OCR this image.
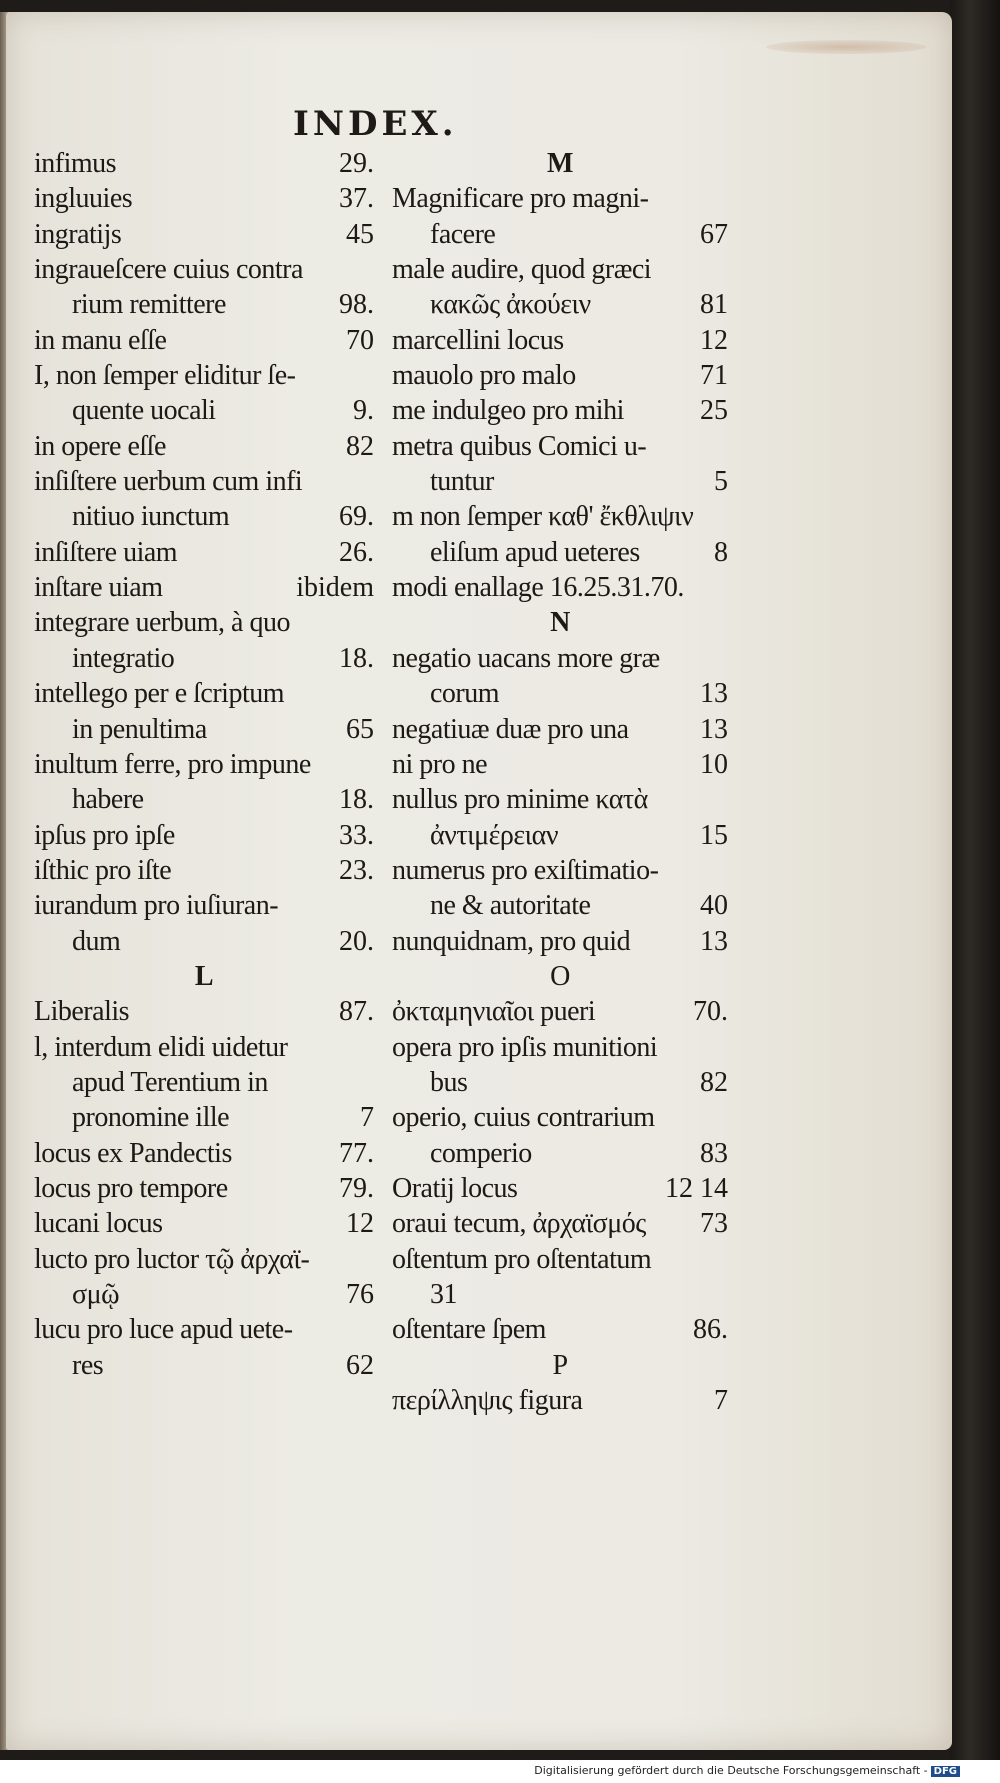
INDEX.
infimus	29.
ingluuies	37.
ingratijs	45
ingraueſcere cuius contra
rium remittere	98.
in manu eſſe	70
I, non ſemper eliditur ſe-
quente uocali	9.
in opere eſſe	82
inſiſtere uerbum cum infi
nitiuo iunctum	69.
inſiſtere uiam	26.
inſtare uiam	ibidem
integrare uerbum, à quo
integratio	18.
intellego per e ſcriptum
in penultima	65
inultum ferre, pro impune
habere	18.
ipſus pro ipſe	33.
iſthic pro iſte	23.
iurandum pro iuſiuran-
dum	20.
L
Liberalis	87.
l, interdum elidi uidetur
apud Terentium in
pronomine ille	7
locus ex Pandectis	77.
locus pro tempore	79.
lucani locus	12
lucto pro luctor τῷ ἀρχαϊ-
σμῷ	76
lucu pro luce apud uete-
res	62
M
Magnificare pro magni-
facere	67
male audire, quod græci
κακῶς ἀκούειν	81
marcellini locus	12
mauolo pro malo	71
me indulgeo pro mihi	25
metra quibus Comici u-
tuntur	5
m non ſemper καθ' ἔκθλιψιν
eliſum apud ueteres	8
modi enallage 16.25.31.70.
N
negatio uacans more græ
corum	13
negatiuæ duæ pro una	13
ni pro ne	10
nullus pro minime κατὰ
ἀντιμέρειαν	15
numerus pro exiſtimatio-
ne & autoritate	40
nunquidnam, pro quid 13
O
ὀκταμηνιαῖοι pueri	70.
opera pro ipſis munitioni
bus	82
operio, cuius contrarium
comperio	83
Oratij locus	12 14
oraui tecum, ἀρχαϊσμός 73
oſtentum pro oſtentatum
31
oſtentare ſpem	86.
P
περίλληψις figura	7
Digitalisierung gefördert durch die Deutsche Forschungsgemeinschaft - DFG
